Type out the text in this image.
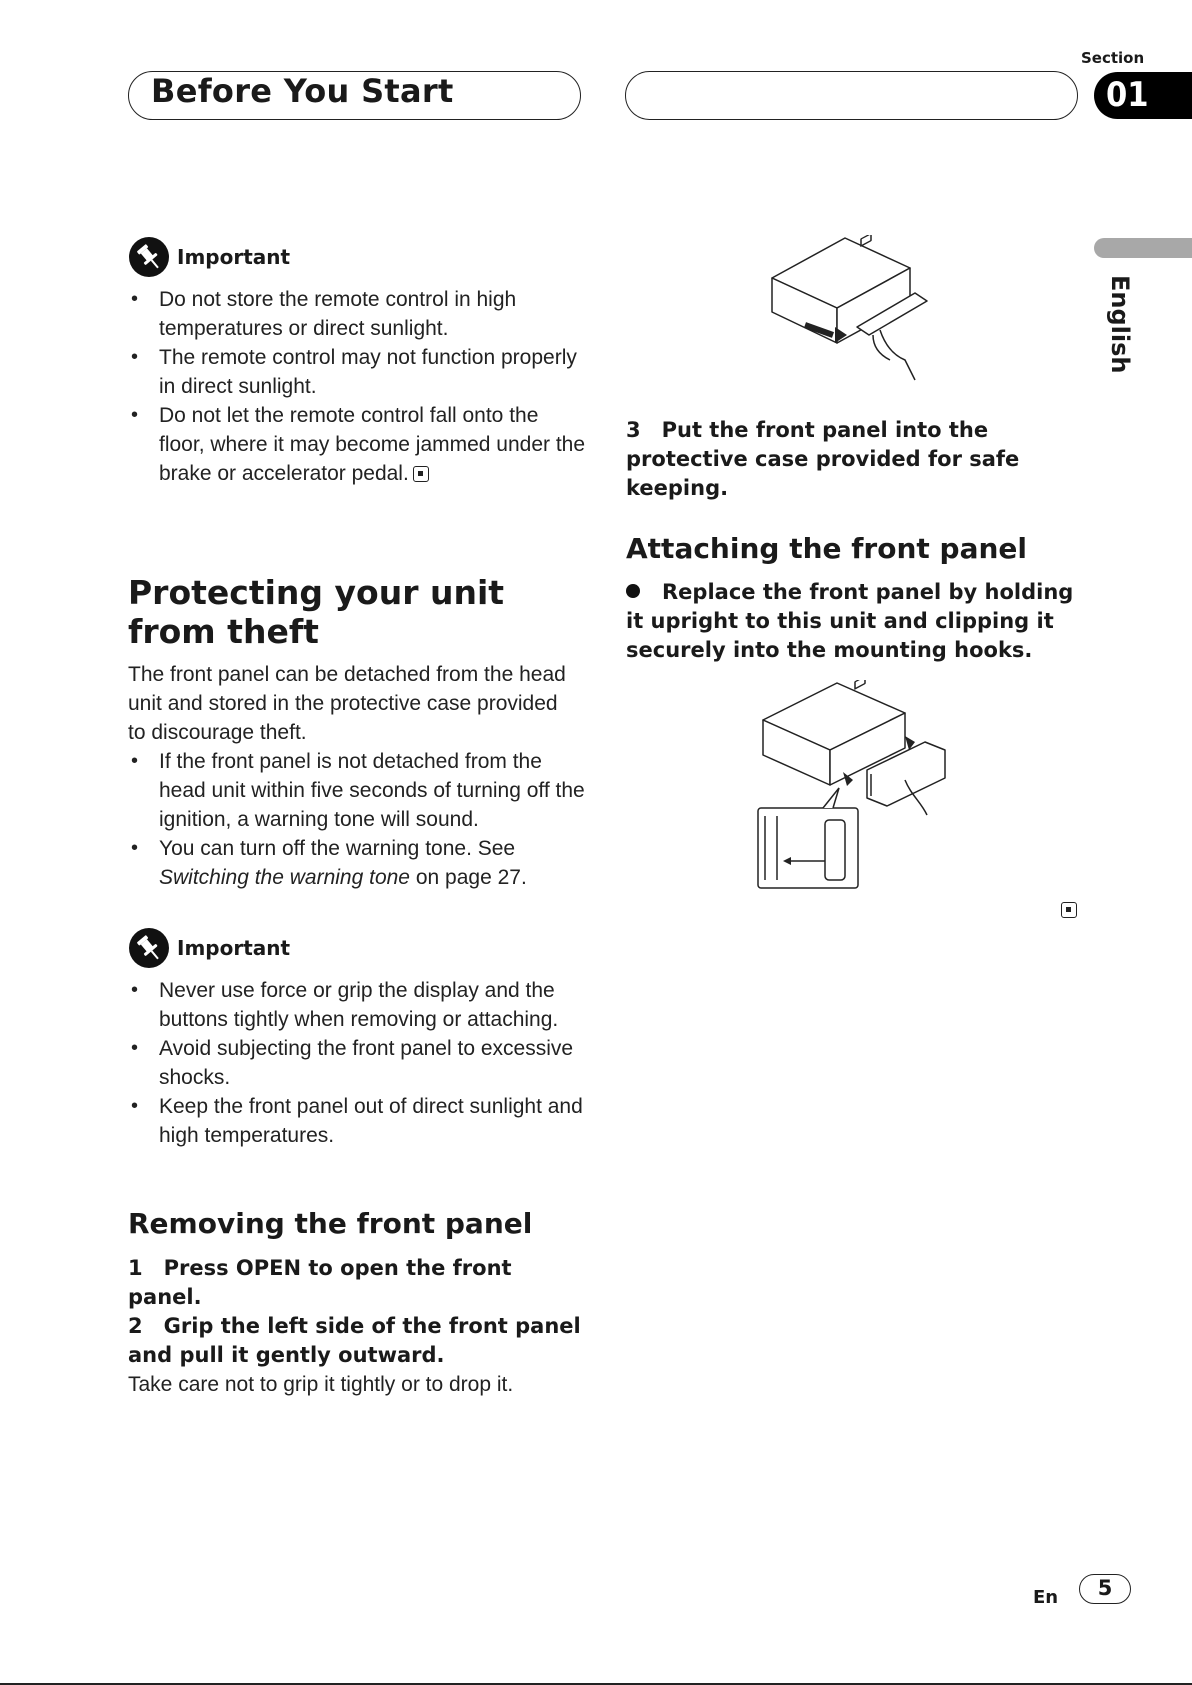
Before You Start
Section
01
English
Important
• Do not store the remote control in high temperatures or direct sunlight.
• The remote control may not function properly in direct sunlight.
• Do not let the remote control fall onto the floor, where it may become jammed under the brake or accelerator pedal.
Protecting your unit from theft
The front panel can be detached from the head unit and stored in the protective case provided to discourage theft.
• If the front panel is not detached from the head unit within five seconds of turning off the ignition, a warning tone will sound.
• You can turn off the warning tone. See Switching the warning tone on page 27.
Important
• Never use force or grip the display and the buttons tightly when removing or attaching.
• Avoid subjecting the front panel to excessive shocks.
• Keep the front panel out of direct sunlight and high temperatures.
Removing the front panel
1 Press OPEN to open the front panel.
2 Grip the left side of the front panel and pull it gently outward.
Take care not to grip it tightly or to drop it.
3 Put the front panel into the protective case provided for safe keeping.
Attaching the front panel
Replace the front panel by holding it upright to this unit and clipping it securely into the mounting hooks.
En	5
